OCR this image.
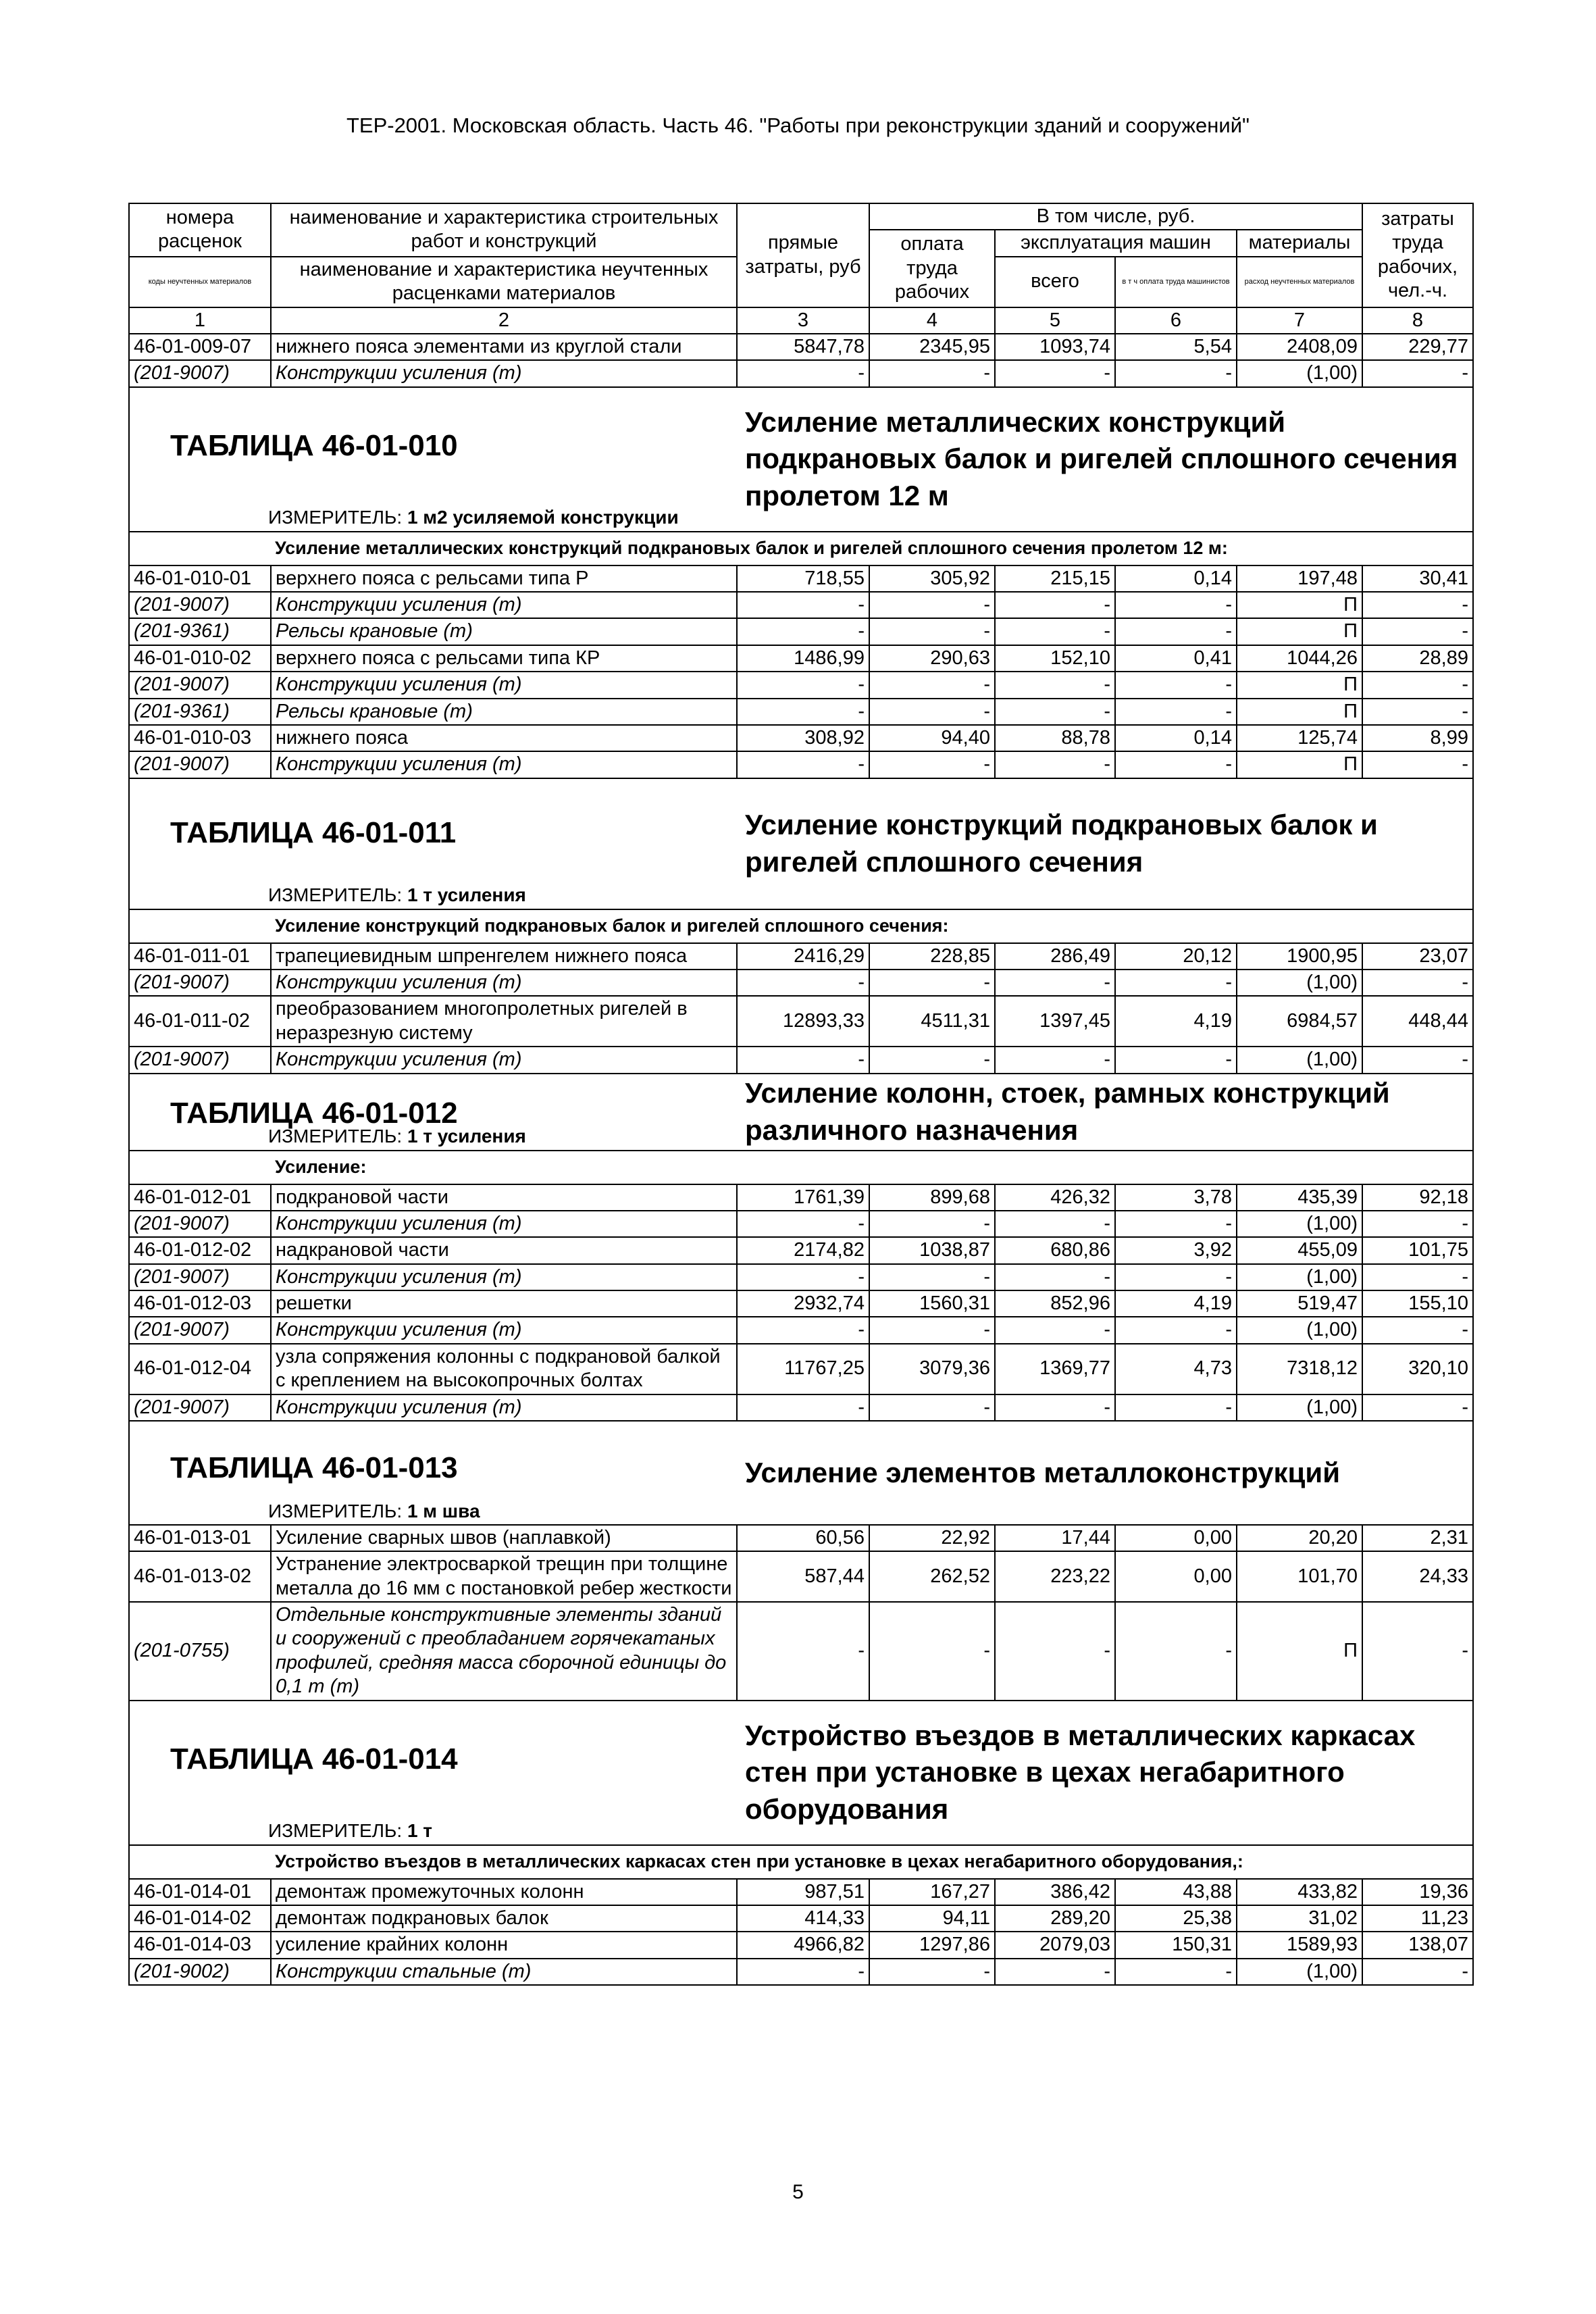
ТЕР-2001. Московская область. Часть 46. "Работы при реконструкции зданий и сооружений"
номера расценок	наименование и характеристика строительных работ и конструкций	прямые затраты, руб	В том числе, руб.				затраты труда рабочих, чел.-ч.
			оплата труда рабочих	эксплуатация машин		материалы	
коды неучтенных материалов	наименование и характеристика неучтенных расценками материалов			всего	в т ч оплата труда машинистов	расход неучтенных материалов	
1	2	3	4	5	6	7	8
46-01-009-07	нижнего пояса элементами из круглой стали	5847,78	2345,95	1093,74	5,54	2408,09	229,77
(201-9007)	Конструкции усиления (т)	-	-	-	-	(1,00)	-

ТАБЛИЦА 46-01-010
ИЗМЕРИТЕЛЬ: 1 м2 усиляемой конструкции		Усиление металлических конструкций подкрановых балок и ригелей сплошного сечения пролетом 12 м					
	Усиление металлических конструкций подкрановых балок и ригелей сплошного сечения пролетом 12 м:						
46-01-010-01	верхнего пояса с рельсами типа Р	718,55	305,92	215,15	0,14	197,48	30,41
(201-9007)	Конструкции усиления (т)	-	-	-	-	П	-
(201-9361)	Рельсы крановые (т)	-	-	-	-	П	-
46-01-010-02	верхнего пояса с рельсами типа КР	1486,99	290,63	152,10	0,41	1044,26	28,89
(201-9007)	Конструкции усиления (т)	-	-	-	-	П	-
(201-9361)	Рельсы крановые (т)	-	-	-	-	П	-
46-01-010-03	нижнего пояса	308,92	94,40	88,78	0,14	125,74	8,99
(201-9007)	Конструкции усиления (т)	-	-	-	-	П	-

ТАБЛИЦА 46-01-011
ИЗМЕРИТЕЛЬ: 1 т усиления		Усиление конструкций подкрановых балок и ригелей сплошного сечения					
	Усиление конструкций подкрановых балок и ригелей сплошного сечения:						
46-01-011-01	трапециевидным шпренгелем нижнего пояса	2416,29	228,85	286,49	20,12	1900,95	23,07
(201-9007)	Конструкции усиления (т)	-	-	-	-	(1,00)	-
46-01-011-02	преобразованием многопролетных ригелей в неразрезную систему	12893,33	4511,31	1397,45	4,19	6984,57	448,44
(201-9007)	Конструкции усиления (т)	-	-	-	-	(1,00)	-

ТАБЛИЦА 46-01-012
ИЗМЕРИТЕЛЬ: 1 т усиления		Усиление колонн, стоек, рамных конструкций различного назначения					
	Усиление:						
46-01-012-01	подкрановой части	1761,39	899,68	426,32	3,78	435,39	92,18
(201-9007)	Конструкции усиления (т)	-	-	-	-	(1,00)	-
46-01-012-02	надкрановой части	2174,82	1038,87	680,86	3,92	455,09	101,75
(201-9007)	Конструкции усиления (т)	-	-	-	-	(1,00)	-
46-01-012-03	решетки	2932,74	1560,31	852,96	4,19	519,47	155,10
(201-9007)	Конструкции усиления (т)	-	-	-	-	(1,00)	-
46-01-012-04	узла сопряжения колонны с подкрановой балкой с креплением на высокопрочных болтах	11767,25	3079,36	1369,77	4,73	7318,12	320,10
(201-9007)	Конструкции усиления (т)	-	-	-	-	(1,00)	-

ТАБЛИЦА 46-01-013
ИЗМЕРИТЕЛЬ: 1 м шва		Усиление элементов металлоконструкций					
46-01-013-01	Усиление сварных швов (наплавкой)	60,56	22,92	17,44	0,00	20,20	2,31
46-01-013-02	Устранение электросваркой трещин при толщине металла до 16 мм с постановкой ребер жесткости	587,44	262,52	223,22	0,00	101,70	24,33
(201-0755)	Отдельные конструктивные элементы зданий и сооружений с преобладанием горячекатаных профилей, средняя масса сборочной единицы до 0,1 т (т)	-	-	-	-	П	-

ТАБЛИЦА 46-01-014
ИЗМЕРИТЕЛЬ: 1 т		Устройство въездов в металлических каркасах стен при установке в цехах негабаритного оборудования					
	Устройство въездов в металлических каркасах стен при установке в цехах негабаритного оборудования,:						
46-01-014-01	демонтаж промежуточных колонн	987,51	167,27	386,42	43,88	433,82	19,36
46-01-014-02	демонтаж подкрановых балок	414,33	94,11	289,20	25,38	31,02	11,23
46-01-014-03	усиление крайних колонн	4966,82	1297,86	2079,03	150,31	1589,93	138,07
(201-9002)	Конструкции стальные (т)	-	-	-	-	(1,00)	-
5
